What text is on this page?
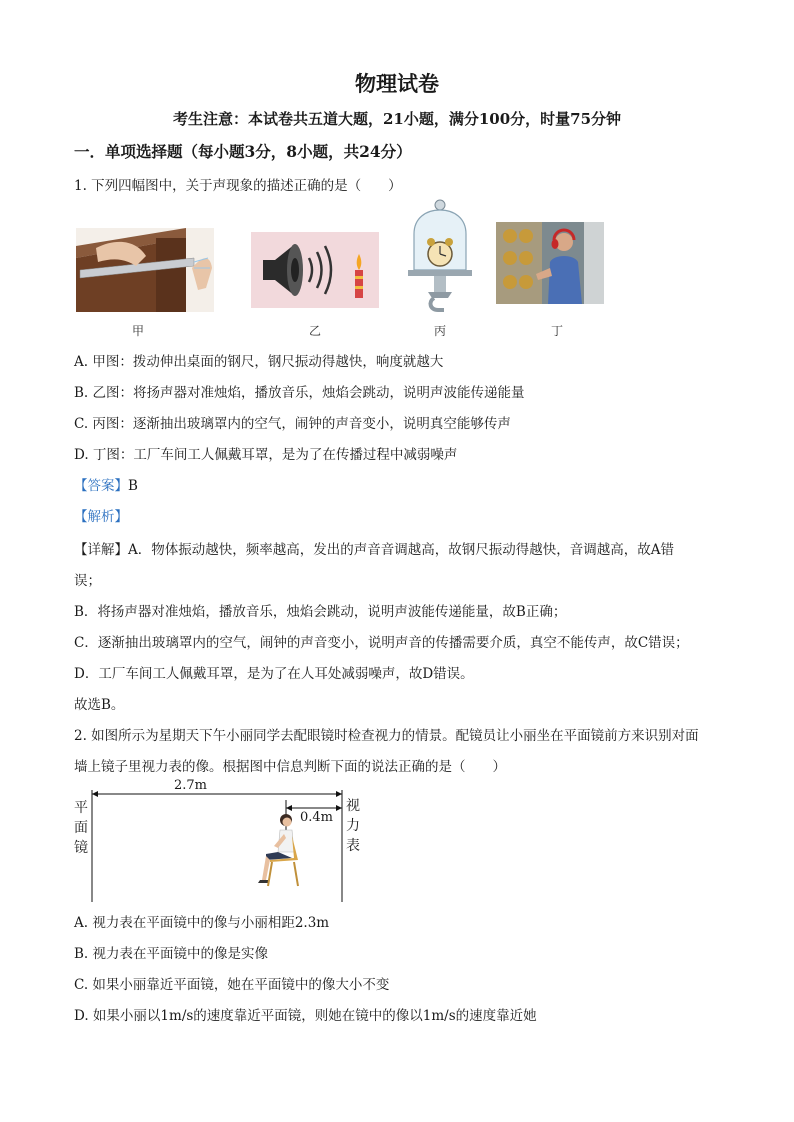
物理试卷
考生注意：本试卷共五道大题，21小题，满分100分，时量75分钟
一．单项选择题（每小题3分，8小题，共24分）
1. 下列四幅图中，关于声现象的描述正确的是（　　）
甲	乙	丙	丁
A. 甲图：拨动伸出桌面的钢尺，钢尺振动得越快，响度就越大
B. 乙图：将扬声器对准烛焰，播放音乐，烛焰会跳动，说明声波能传递能量
C. 丙图：逐渐抽出玻璃罩内的空气，闹钟的声音变小，说明真空能够传声
D. 丁图：工厂车间工人佩戴耳罩，是为了在传播过程中减弱噪声
【答案】B
【解析】
【详解】A．物体振动越快，频率越高，发出的声音音调越高，故钢尺振动得越快，音调越高，故A错
误；
B．将扬声器对准烛焰，播放音乐，烛焰会跳动，说明声波能传递能量，故B正确；
C．逐渐抽出玻璃罩内的空气，闹钟的声音变小，说明声音的传播需要介质，真空不能传声，故C错误；
D．工厂车间工人佩戴耳罩，是为了在人耳处减弱噪声，故D错误。
故选B。
2. 如图所示为星期天下午小丽同学去配眼镜时检查视力的情景。配镜员让小丽坐在平面镜前方来识别对面
墙上镜子里视力表的像。根据图中信息判断下面的说法正确的是（　　）
2.7m
0.4m
平
面
镜
视
力
表
A. 视力表在平面镜中的像与小丽相距2.3m
B. 视力表在平面镜中的像是实像
C. 如果小丽靠近平面镜，她在平面镜中的像大小不变
D. 如果小丽以1m/s的速度靠近平面镜，则她在镜中的像以1m/s的速度靠近她
